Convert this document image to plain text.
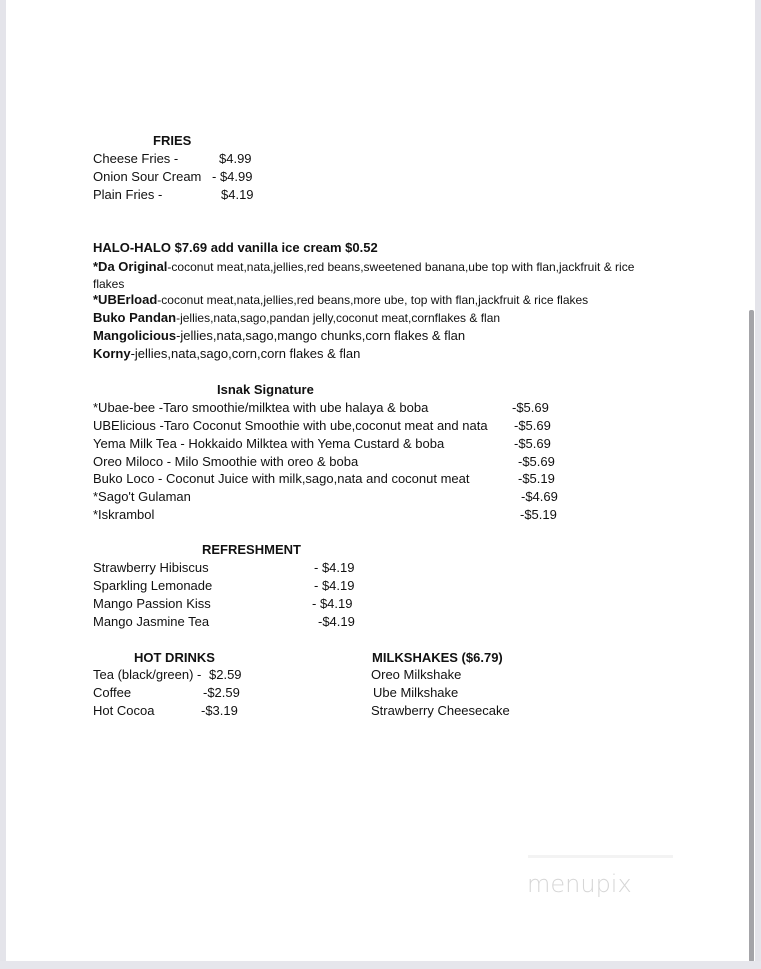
FRIES
Cheese Fries -	$4.99
Onion Sour Cream - $4.99
Plain Fries -	$4.19
HALO-HALO $7.69 add vanilla ice cream $0.52
*Da Original-coconut meat,nata,jellies,red beans,sweetened banana,ube top with flan,jackfruit & rice
flakes
*UBErload-coconut meat,nata,jellies,red beans,more ube, top with flan,jackfruit & rice flakes
Buko Pandan-jellies,nata,sago,pandan jelly,coconut meat,cornflakes & flan
Mangolicious-jellies,nata,sago,mango chunks,corn flakes & flan
Korny-jellies,nata,sago,corn,corn flakes & flan
Isnak Signature
*Ubae-bee -Taro smoothie/milktea with ube halaya & boba	-$5.69
UBElicious -Taro Coconut Smoothie with ube,coconut meat and nata -$5.69
Yema Milk Tea - Hokkaido Milktea with Yema Custard & boba	-$5.69
Oreo Miloco - Milo Smoothie with oreo & boba	-$5.69
Buko Loco - Coconut Juice with milk,sago,nata and coconut meat	-$5.19
*Sago't Gulaman	-$4.69
*Iskrambol	-$5.19
REFRESHMENT
Strawberry Hibiscus	- $4.19
Sparkling Lemonade	- $4.19
Mango Passion Kiss	- $4.19
Mango Jasmine Tea	-$4.19
HOT DRINKS
Tea (black/green) - $2.59
Coffee	-$2.59
Hot Cocoa	-$3.19
MILKSHAKES ($6.79)
Oreo Milkshake
Ube Milkshake
Strawberry Cheesecake
menupix
